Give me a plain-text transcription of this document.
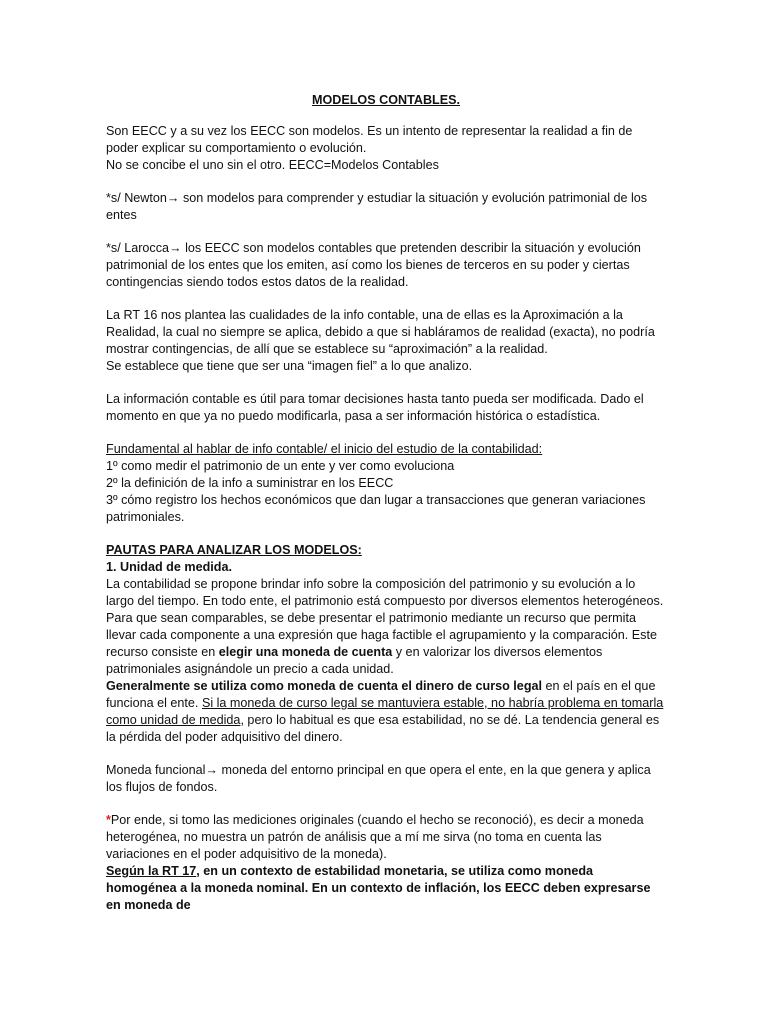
MODELOS CONTABLES.
Son EECC y a su vez los EECC son modelos. Es un intento de representar la realidad a fin de poder explicar su comportamiento o evolución.
No se concibe el uno sin el otro. EECC=Modelos Contables

*s/ Newton→ son modelos para comprender y estudiar la situación y evolución patrimonial de los entes

*s/ Larocca→ los EECC son modelos contables que pretenden describir la situación y evolución patrimonial de los entes que los emiten, así como los bienes de terceros en su poder y ciertas contingencias siendo todos estos datos de la realidad.

La RT 16 nos plantea las cualidades de la info contable, una de ellas es la Aproximación a la Realidad, la cual no siempre se aplica, debido a que si habláramos de realidad (exacta), no podría mostrar contingencias, de allí que se establece su “aproximación” a la realidad.
Se establece que tiene que ser una “imagen fiel” a lo que analizo.

La información contable es útil para tomar decisiones hasta tanto pueda ser modificada. Dado el momento en que ya no puedo modificarla, pasa a ser información histórica o estadística.

Fundamental al hablar de info contable/ el inicio del estudio de la contabilidad:
1º como medir el patrimonio de un ente y ver como evoluciona
2º la definición de la info a suministrar en los EECC
3º cómo registro los hechos económicos que dan lugar a transacciones que generan variaciones patrimoniales.
PAUTAS PARA ANALIZAR LOS MODELOS:
1. Unidad de medida.
La contabilidad se propone brindar info sobre la composición del patrimonio y su evolución a lo largo del tiempo. En todo ente, el patrimonio está compuesto por diversos elementos heterogéneos.
Para que sean comparables, se debe presentar el patrimonio mediante un recurso que permita llevar cada componente a una expresión que haga factible el agrupamiento y la comparación. Este recurso consiste en elegir una moneda de cuenta y en valorizar los diversos elementos patrimoniales asignándole un precio a cada unidad.
Generalmente se utiliza como moneda de cuenta el dinero de curso legal en el país en el que funciona el ente. Si la moneda de curso legal se mantuviera estable, no habría problema en tomarla como unidad de medida, pero lo habitual es que esa estabilidad, no se dé. La tendencia general es la pérdida del poder adquisitivo del dinero.

Moneda funcional→ moneda del entorno principal en que opera el ente, en la que genera y aplica los flujos de fondos.

*Por ende, si tomo las mediciones originales (cuando el hecho se reconoció), es decir a moneda heterogénea, no muestra un patrón de análisis que a mí me sirva (no toma en cuenta las variaciones en el poder adquisitivo de la moneda).
Según la RT 17, en un contexto de estabilidad monetaria, se utiliza como moneda homogénea a la moneda nominal. En un contexto de inflación, los EECC deben expresarse en moneda de
